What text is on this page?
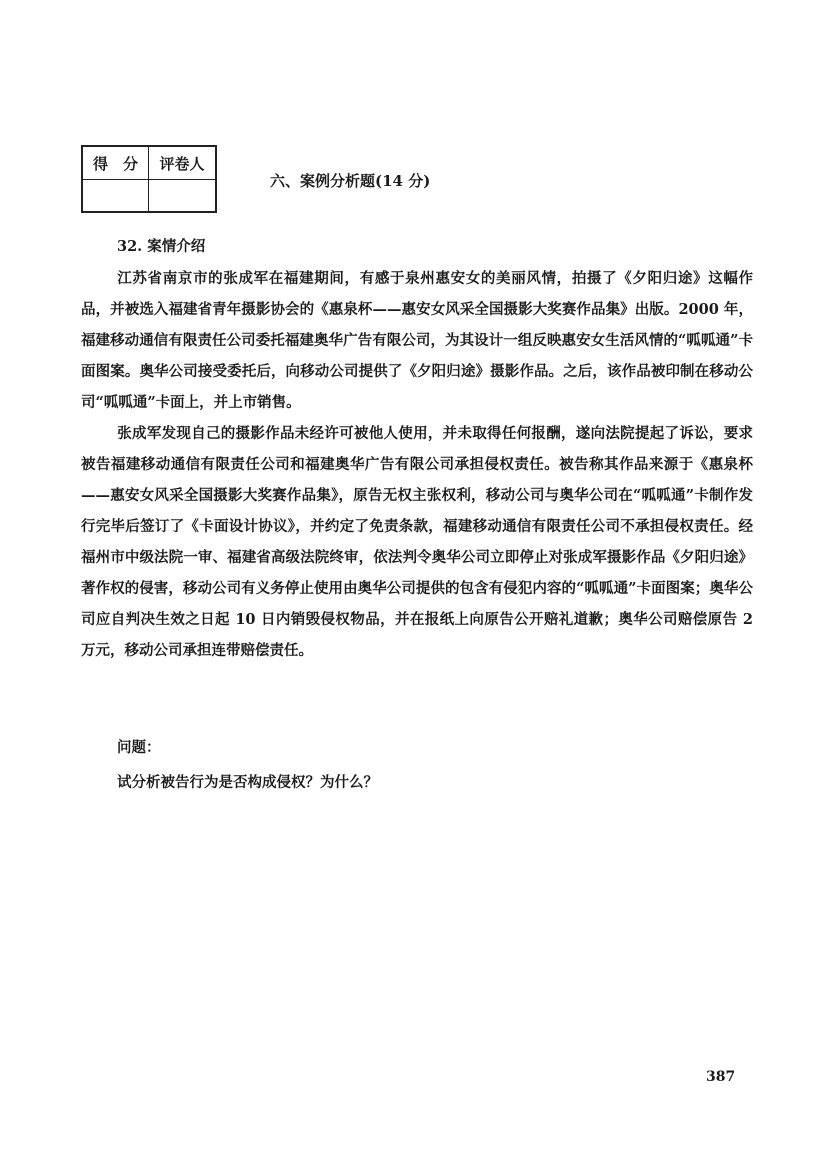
得　分	评卷人
六、案例分析题(14 分)
32. 案情介绍

江苏省南京市的张成军在福建期间，有感于泉州惠安女的美丽风情，拍摄了《夕阳归途》这幅作品，并被选入福建省青年摄影协会的《惠泉杯——惠安女风采全国摄影大奖赛作品集》出版。2000 年，福建移动通信有限责任公司委托福建奥华广告有限公司，为其设计一组反映惠安女生活风情的“呱呱通”卡面图案。奥华公司接受委托后，向移动公司提供了《夕阳归途》摄影作品。之后，该作品被印制在移动公司“呱呱通”卡面上，并上市销售。

张成军发现自己的摄影作品未经许可被他人使用，并未取得任何报酬，遂向法院提起了诉讼，要求被告福建移动通信有限责任公司和福建奥华广告有限公司承担侵权责任。被告称其作品来源于《惠泉杯——惠安女风采全国摄影大奖赛作品集》，原告无权主张权利，移动公司与奥华公司在“呱呱通”卡制作发行完毕后签订了《卡面设计协议》，并约定了免责条款，福建移动通信有限责任公司不承担侵权责任。经福州市中级法院一审、福建省高级法院终审，依法判令奥华公司立即停止对张成军摄影作品《夕阳归途》著作权的侵害，移动公司有义务停止使用由奥华公司提供的包含有侵犯内容的“呱呱通”卡面图案；奥华公司应自判决生效之日起 10 日内销毁侵权物品，并在报纸上向原告公开赔礼道歉；奥华公司赔偿原告 2 万元，移动公司承担连带赔偿责任。

问题：
试分析被告行为是否构成侵权？为什么？
387
